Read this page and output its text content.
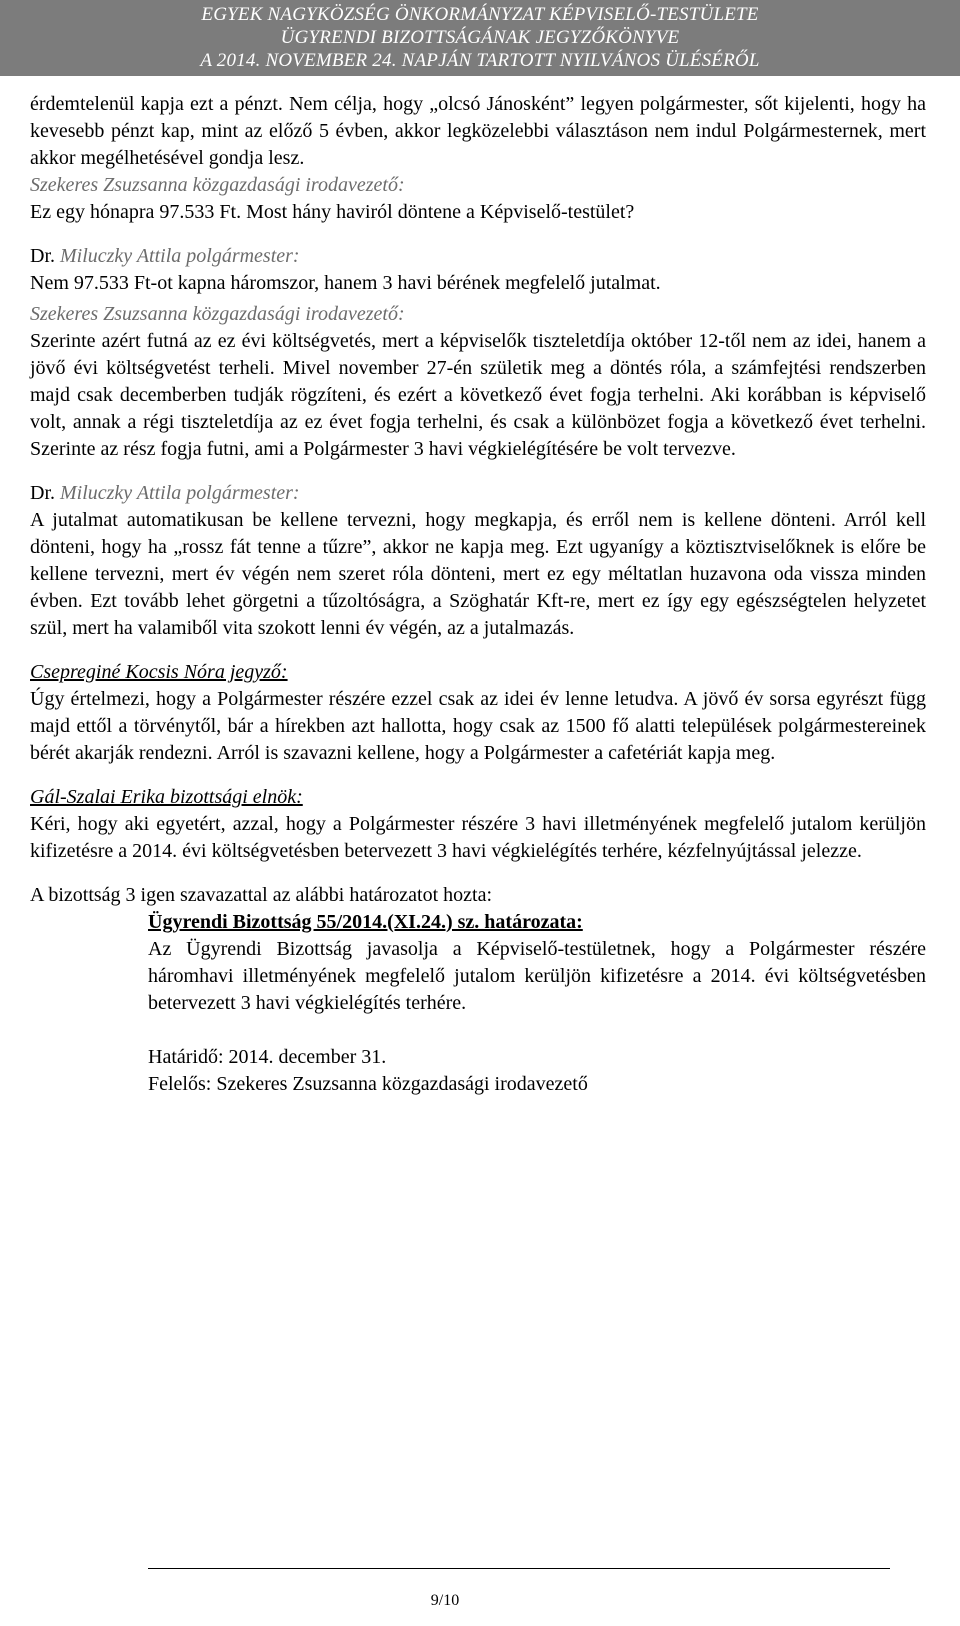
EGYEK NAGYKÖZSÉG ÖNKORMÁNYZAT KÉPVISELŐ-TESTÜLETE
ÜGYRENDI BIZOTTSÁGÁNAK JEGYZŐKÖNYVE
A 2014. NOVEMBER 24. NAPJÁN TARTOTT NYILVÁNOS ÜLÉSÉRŐL

érdemtelenül kapja ezt a pénzt. Nem célja, hogy „olcsó Jánosként” legyen polgármester, sőt kijelenti, hogy ha kevesebb pénzt kap, mint az előző 5 évben, akkor legközelebbi választáson nem indul Polgármesternek, mert akkor megélhetésével gondja lesz.

Szekeres Zsuzsanna közgazdasági irodavezető:

Ez egy hónapra 97.533 Ft. Most hány haviról döntene a Képviselő-testület?

Dr. Miluczky Attila polgármester:

Nem 97.533 Ft-ot kapna háromszor, hanem 3 havi bérének megfelelő jutalmat.

Szekeres Zsuzsanna közgazdasági irodavezető:

Szerinte azért futná az ez évi költségvetés, mert a képviselők tiszteletdíja október 12-től nem az idei, hanem a jövő évi költségvetést terheli. Mivel november 27-én születik meg a döntés róla, a számfejtési rendszerben majd csak decemberben tudják rögzíteni, és ezért a következő évet fogja terhelni. Aki korábban is képviselő volt, annak a régi tiszteletdíja az ez évet fogja terhelni, és csak a különbözet fogja a következő évet terhelni. Szerinte az rész fogja futni, ami a Polgármester 3 havi végkielégítésére be volt tervezve.

Dr. Miluczky Attila polgármester:

A jutalmat automatikusan be kellene tervezni, hogy megkapja, és erről nem is kellene dönteni. Arról kell dönteni, hogy ha „rossz fát tenne a tűzre”, akkor ne kapja meg. Ezt ugyanígy a köztisztviselőknek is előre be kellene tervezni, mert év végén nem szeret róla dönteni, mert ez egy méltatlan huzavona oda vissza minden évben. Ezt tovább lehet görgetni a tűzoltóságra, a Szöghatár Kft-re, mert ez így egy egészségtelen helyzetet szül, mert ha valamiből vita szokott lenni év végén, az a jutalmazás.

Csepreginé Kocsis Nóra jegyző:

Úgy értelmezi, hogy a Polgármester részére ezzel csak az idei év lenne letudva. A jövő év sorsa egyrészt függ majd ettől a törvénytől, bár a hírekben azt hallotta, hogy csak az 1500 fő alatti települések polgármestereinek bérét akarják rendezni. Arról is szavazni kellene, hogy a Polgármester a cafetériát kapja meg.

Gál-Szalai Erika bizottsági elnök:

Kéri, hogy aki egyetért, azzal, hogy a Polgármester részére 3 havi illetményének megfelelő jutalom kerüljön kifizetésre a 2014. évi költségvetésben betervezett 3 havi végkielégítés terhére, kézfelnyújtással jelezze.

A bizottság 3 igen szavazattal az alábbi határozatot hozta:

Ügyrendi Bizottság 55/2014.(XI.24.) sz. határozata:

Az Ügyrendi Bizottság javasolja a Képviselő-testületnek, hogy a Polgármester részére háromhavi illetményének megfelelő jutalom kerüljön kifizetésre a 2014. évi költségvetésben betervezett 3 havi végkielégítés terhére.

Határidő: 2014. december 31.

Felelős: Szekeres Zsuzsanna közgazdasági irodavezető

9/10
